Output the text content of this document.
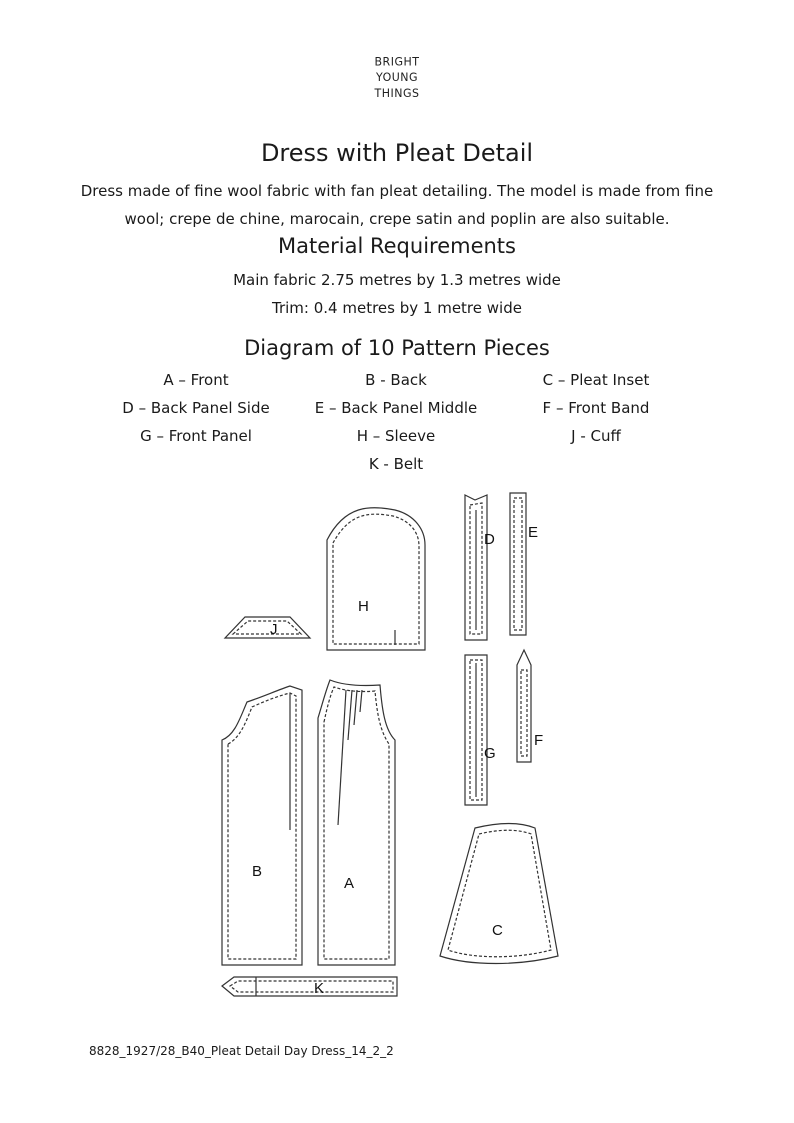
BRIGHT
YOUNG
THINGS
Dress with Pleat Detail
Dress made of fine wool fabric with fan pleat detailing. The model is made from fine
wool; crepe de chine, marocain, crepe satin and poplin are also suitable.
Material Requirements
Main fabric 2.75 metres by 1.3 metres wide
Trim: 0.4 metres by 1 metre wide
Diagram of 10 Pattern Pieces
A – Front	B - Back	C – Pleat Inset
D – Back Panel Side	E – Back Panel Middle	F – Front Band
G – Front Panel	H – Sleeve	J - Cuff
K - Belt
H
J
D E
G
F
B
A
C
K
8828_1927/28_B40_Pleat Detail Day Dress_14_2_2
